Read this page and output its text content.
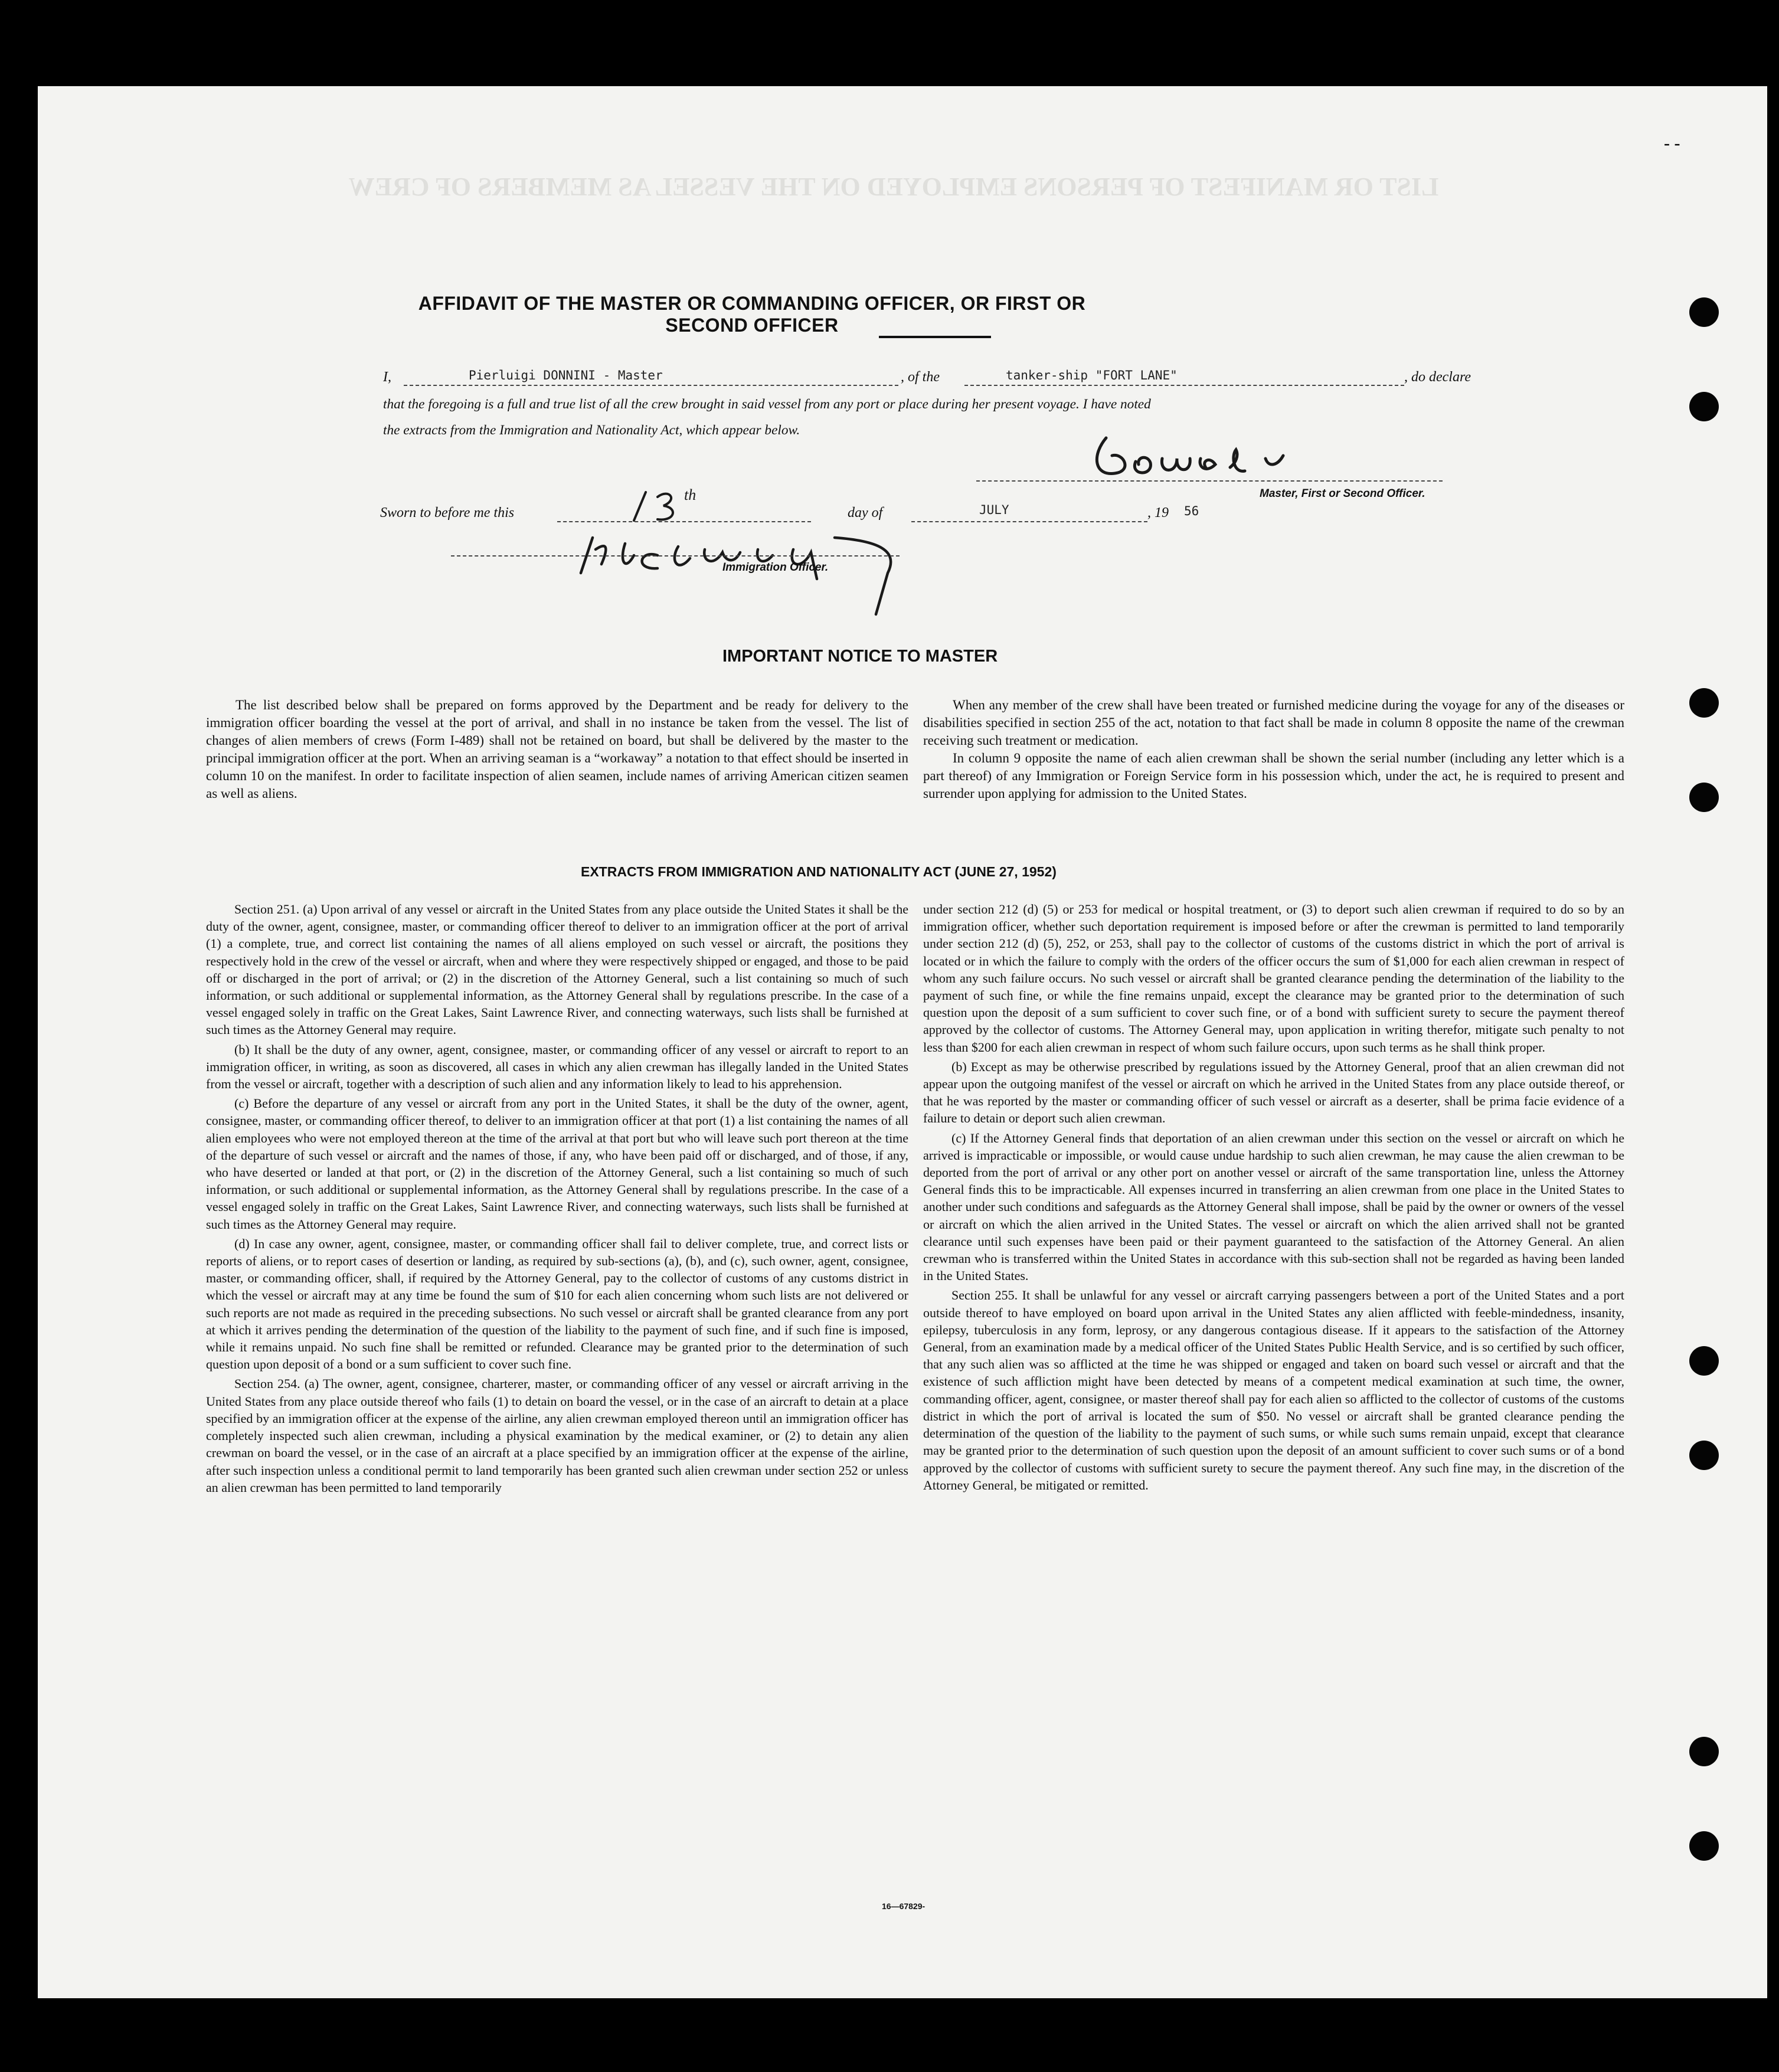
LIST OR MANIFEST OF PERSONS EMPLOYED ON THE VESSEL AS MEMBERS OF CREW
- -
AFFIDAVIT OF THE MASTER OR COMMANDING OFFICER, OR FIRST OR SECOND OFFICER
I,	Pierluigi DONNINI - Master	, of the	tanker-ship "FORT LANE"	, do declare
that the foregoing is a full and true list of all the crew brought in said vessel from any port or place during her present voyage. I have noted
the extracts from the Immigration and Nationality Act, which appear below.
Master, First or Second Officer.
Sworn to before me this
th
day of	JULY	, 19 56
Immigration Officer.
IMPORTANT NOTICE TO MASTER

The list described below shall be prepared on forms approved by the Department and be ready for delivery to the immigration officer boarding the vessel at the port of arrival, and shall in no instance be taken from the vessel. The list of changes of alien members of crews (Form I-489) shall not be retained on board, but shall be delivered by the master to the principal immigration officer at the port. When an arriving seaman is a “workaway” a notation to that effect should be inserted in column 10 on the manifest. In order to facilitate inspection of alien seamen, include names of arriving American citizen seamen as well as aliens.

When any member of the crew shall have been treated or furnished medicine during the voyage for any of the diseases or disabilities specified in section 255 of the act, notation to that fact shall be made in column 8 opposite the name of the crewman receiving such treatment or medication.

In column 9 opposite the name of each alien crewman shall be shown the serial number (including any letter which is a part thereof) of any Immigration or Foreign Service form in his possession which, under the act, he is required to present and surrender upon applying for admission to the United States.

EXTRACTS FROM IMMIGRATION AND NATIONALITY ACT (JUNE 27, 1952)

Section 251. (a) Upon arrival of any vessel or aircraft in the United States from any place outside the United States it shall be the duty of the owner, agent, consignee, master, or commanding officer thereof to deliver to an immigration officer at the port of arrival (1) a complete, true, and correct list containing the names of all aliens employed on such vessel or aircraft, the positions they respectively hold in the crew of the vessel or aircraft, when and where they were respectively shipped or engaged, and those to be paid off or discharged in the port of arrival; or (2) in the discretion of the Attorney General, such a list containing so much of such information, or such additional or supplemental information, as the Attorney General shall by regulations prescribe. In the case of a vessel engaged solely in traffic on the Great Lakes, Saint Lawrence River, and connecting waterways, such lists shall be furnished at such times as the Attorney General may require.

(b) It shall be the duty of any owner, agent, consignee, master, or commanding officer of any vessel or aircraft to report to an immigration officer, in writing, as soon as discovered, all cases in which any alien crewman has illegally landed in the United States from the vessel or aircraft, together with a description of such alien and any information likely to lead to his apprehension.

(c) Before the departure of any vessel or aircraft from any port in the United States, it shall be the duty of the owner, agent, consignee, master, or commanding officer thereof, to deliver to an immigration officer at that port (1) a list containing the names of all alien employees who were not employed thereon at the time of the arrival at that port but who will leave such port thereon at the time of the departure of such vessel or aircraft and the names of those, if any, who have been paid off or discharged, and of those, if any, who have deserted or landed at that port, or (2) in the discretion of the Attorney General, such a list containing so much of such information, or such additional or supplemental information, as the Attorney General shall by regulations prescribe. In the case of a vessel engaged solely in traffic on the Great Lakes, Saint Lawrence River, and connecting waterways, such lists shall be furnished at such times as the Attorney General may require.

(d) In case any owner, agent, consignee, master, or commanding officer shall fail to deliver complete, true, and correct lists or reports of aliens, or to report cases of desertion or landing, as required by sub-sections (a), (b), and (c), such owner, agent, consignee, master, or commanding officer, shall, if required by the Attorney General, pay to the collector of customs of any customs district in which the vessel or aircraft may at any time be found the sum of $10 for each alien concerning whom such lists are not delivered or such reports are not made as required in the preceding subsections. No such vessel or aircraft shall be granted clearance from any port at which it arrives pending the determination of the question of the liability to the payment of such fine, and if such fine is imposed, while it remains unpaid. No such fine shall be remitted or refunded. Clearance may be granted prior to the determination of such question upon deposit of a bond or a sum sufficient to cover such fine.

Section 254. (a) The owner, agent, consignee, charterer, master, or commanding officer of any vessel or aircraft arriving in the United States from any place outside thereof who fails (1) to detain on board the vessel, or in the case of an aircraft to detain at a place specified by an immigration officer at the expense of the airline, any alien crewman employed thereon until an immigration officer has completely inspected such alien crewman, including a physical examination by the medical examiner, or (2) to detain any alien crewman on board the vessel, or in the case of an aircraft at a place specified by an immigration officer at the expense of the airline, after such inspection unless a conditional permit to land temporarily has been granted such alien crewman under section 252 or unless an alien crewman has been permitted to land temporarily

under section 212 (d) (5) or 253 for medical or hospital treatment, or (3) to deport such alien crewman if required to do so by an immigration officer, whether such deportation requirement is imposed before or after the crewman is permitted to land temporarily under section 212 (d) (5), 252, or 253, shall pay to the collector of customs of the customs district in which the port of arrival is located or in which the failure to comply with the orders of the officer occurs the sum of $1,000 for each alien crewman in respect of whom any such failure occurs. No such vessel or aircraft shall be granted clearance pending the determination of the liability to the payment of such fine, or while the fine remains unpaid, except the clearance may be granted prior to the determination of such question upon the deposit of a sum sufficient to cover such fine, or of a bond with sufficient surety to secure the payment thereof approved by the collector of customs. The Attorney General may, upon application in writing therefor, mitigate such penalty to not less than $200 for each alien crewman in respect of whom such failure occurs, upon such terms as he shall think proper.

(b) Except as may be otherwise prescribed by regulations issued by the Attorney General, proof that an alien crewman did not appear upon the outgoing manifest of the vessel or aircraft on which he arrived in the United States from any place outside thereof, or that he was reported by the master or commanding officer of such vessel or aircraft as a deserter, shall be prima facie evidence of a failure to detain or deport such alien crewman.

(c) If the Attorney General finds that deportation of an alien crewman under this section on the vessel or aircraft on which he arrived is impracticable or impossible, or would cause undue hardship to such alien crewman, he may cause the alien crewman to be deported from the port of arrival or any other port on another vessel or aircraft of the same transportation line, unless the Attorney General finds this to be impracticable. All expenses incurred in transferring an alien crewman from one place in the United States to another under such conditions and safeguards as the Attorney General shall impose, shall be paid by the owner or owners of the vessel or aircraft on which the alien arrived in the United States. The vessel or aircraft on which the alien arrived shall not be granted clearance until such expenses have been paid or their payment guaranteed to the satisfaction of the Attorney General. An alien crewman who is transferred within the United States in accordance with this sub-section shall not be regarded as having been landed in the United States.

Section 255. It shall be unlawful for any vessel or aircraft carrying passengers between a port of the United States and a port outside thereof to have employed on board upon arrival in the United States any alien afflicted with feeble-mindedness, insanity, epilepsy, tuberculosis in any form, leprosy, or any dangerous contagious disease. If it appears to the satisfaction of the Attorney General, from an examination made by a medical officer of the United States Public Health Service, and is so certified by such officer, that any such alien was so afflicted at the time he was shipped or engaged and taken on board such vessel or aircraft and that the existence of such affliction might have been detected by means of a competent medical examination at such time, the owner, commanding officer, agent, consignee, or master thereof shall pay for each alien so afflicted to the collector of customs of the customs district in which the port of arrival is located the sum of $50. No vessel or aircraft shall be granted clearance pending the determination of the question of the liability to the payment of such sums, or while such sums remain unpaid, except that clearance may be granted prior to the determination of such question upon the deposit of an amount sufficient to cover such sums or of a bond approved by the collector of customs with sufficient surety to secure the payment thereof. Any such fine may, in the discretion of the Attorney General, be mitigated or remitted.

16—67829-
